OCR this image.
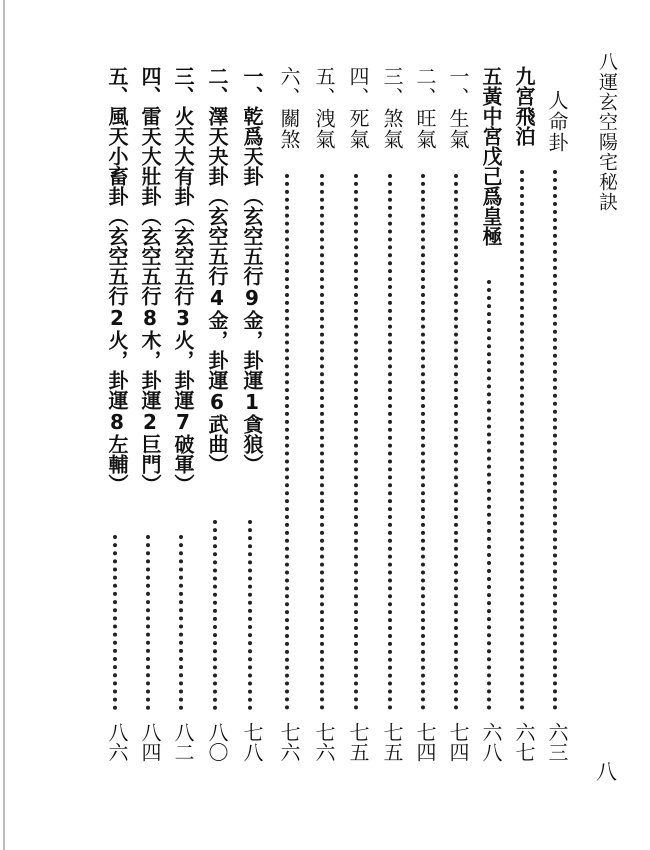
八運玄空陽宅秘訣
八
人命卦
六三
九宮飛泊
六七
五黃中宮戊己爲皇極
六八
一、生氣
七四
二、旺氣
七四
三、煞氣
七五
四、死氣
七五
五、洩氣
七六
六、關煞
七六
一、乾爲天卦（玄空五行9金，卦運1貪狼）
七八
二、澤天夬卦（玄空五行4金，卦運6武曲）
八〇
三、火天大有卦（玄空五行3火，卦運7破軍）
八二
四、雷天大壯卦（玄空五行8木，卦運2巨門）
八四
五、風天小畜卦（玄空五行2火，卦運8左輔）
八六
